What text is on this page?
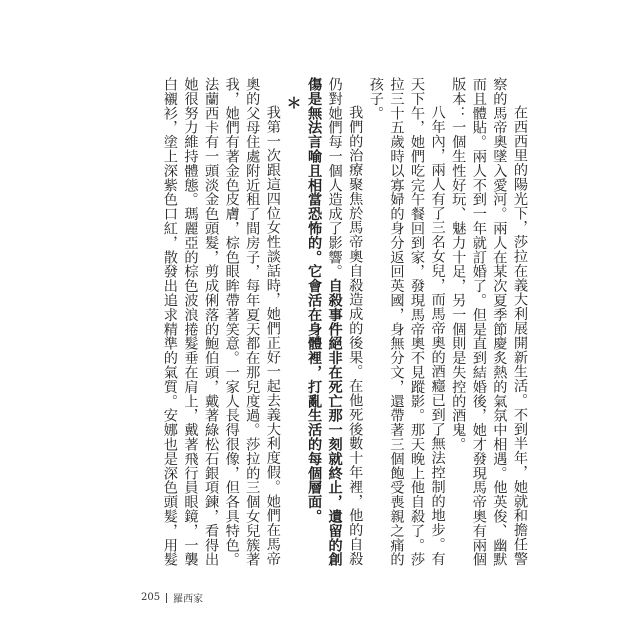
在西西里的陽光下，莎拉在義大利展開新生活。不到半年，她就和擔任警察的馬帝奧墜入愛河。兩人在某次夏季節慶炙熱的氣氛中相遇。他英俊、幽默而且體貼。兩人不到一年就訂婚了。但是直到結婚後，她才發現馬帝奧有兩個版本：一個生性好玩、魅力十足，另一個則是失控的酒鬼。

八年內，兩人有了三名女兒，而馬帝奧的酒癮已到了無法控制的地步。有天下午，她們吃完午餐回到家，發現馬帝奧不見蹤影。那天晚上他自殺了。莎拉三十五歲時以寡婦的身分返回英國，身無分文，還帶著三個飽受喪親之痛的孩子。

我們的治療聚焦於馬帝奧自殺造成的後果。在他死後數十年裡，他的自殺仍對她們每一個人造成了影響。自殺事件絕非在死亡那一刻就終止，遺留的創傷是無法言喻且相當恐怖的。它會活在身體裡，打亂生活的每個層面。

＊

我第一次跟這四位女性談話時，她們正好一起去義大利度假。她們在馬帝奧的父母住處附近租了間房子，每年夏天都在那兒度過。莎拉的三個女兒簇著我，她們有著金色皮膚，棕色眼眸帶著笑意。一家人長得很像，但各具特色。法蘭西卡有一頭淡金色頭髮，剪成俐落的鮑伯頭，戴著綠松石銀項鍊，看得出她很努力維持體態。瑪麗亞的棕色波浪捲髮垂在肩上，戴著飛行員眼鏡，一襲白襯衫，塗上深紫色口紅，散發出追求精準的氣質。安娜也是深色頭髮，用髮

205 羅西家
